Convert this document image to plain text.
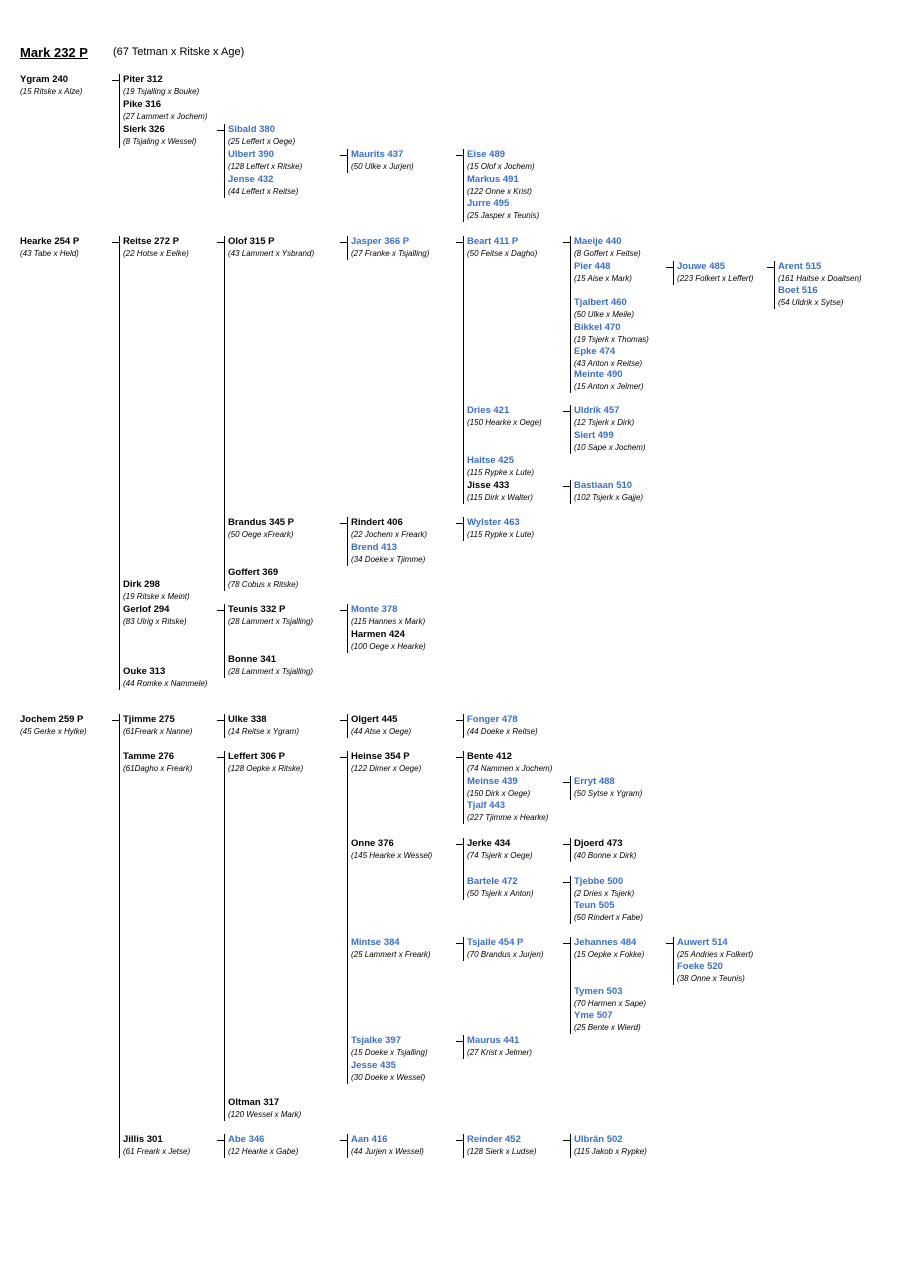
Mark 232 P (67 Tetman x Ritske x Age)
Ygram 240
(15 Ritske x Alze)
Piter 312
(19 Tsjalling x Bouke)
Pike 316
(27 Lammert x Jochem)
Sierk 326
(8 Tsjaling x Wessel)
Sibald 380
(25 Leffert x Oege)
Ulbert 390
(128 Leffert x Ritske)
Jense 432
(44 Leffert x Reitse)
Maurits 437
(50 Ulke x Jurjen)
Eise 489
(15 Olof x Jochem)
Markus 491
(122 Onne x Krist)
Jurre 495
(25 Jasper x Teunis)
Hearke 254 P
(43 Tabe x Held)
Reitse 272 P
(22 Hotse x Eelke)
Olof 315 P
(43 Lammert x Ysbrand)
Jasper 366 P
(27 Franke x Tsjalling)
Beart 411 P
(50 Feitse x Dagho)
Maeije 440
(8 Goffert x Feitse)
Pier 448
(15 Aise x Mark)
Jouwe 485
(223 Folkert x Leffert)
Arent 515
(161 Haitse x Doaitsen)
Boet 516
(54 Uldrik x Sytse)
Tjalbert 460
(50 Ulke x Meile)
Bikkel 470
(19 Tsjerk x Thomas)
Epke 474
(43 Anton x Reitse)
Meinte 490
(15 Anton x Jelmer)
Dries 421
(150 Hearke x Oege)
Uldrik 457
(12 Tsjerk x Dirk)
Siert 499
(10 Sape x Jochem)
Haitse 425
(115 Rypke x Lute)
Jisse 433
(115 Dirk x Walter)
Bastiaan 510
(102 Tsjerk x Gajje)
Brandus 345 P
(50 Oege xFreark)
Rindert 406
(22 Jochem x Freark)
Wylster 463
(115 Rypke x Lute)
Brend 413
(34 Doeke x Tjimme)
Goffert 369
(78 Cobus x Ritske)
Dirk 298
(19 Ritske x Meint)
Gerlof 294
(83 Ulrig x Ritske)
Teunis 332 P
(28 Lammert x Tsjalling)
Monte 378
(115 Hannes x Mark)
Harmen 424
(100 Oege x Hearke)
Bonne 341
(28 Lammert x Tsjalling)
Ouke 313
(44 Romke x Nammele)
Jochem 259 P
(45 Gerke x Hylke)
Tjimme 275
(61Freark x Nanne)
Ulke 338
(14 Reitse x Ygram)
Olgert 445
(44 Atse x Oege)
Fonger 478
(44 Doeke x Reitse)
Tamme 276
(61Dagho x Freark)
Leffert 306 P
(128 Oepke x Ritske)
Heinse 354 P
(122 Dimer x Oege)
Bente 412
(74 Nammen x Jochem)
Meinse 439
(150 Dirk x Oege)
Erryt 488
(50 Sytse x Ygram)
Tjalf 443
(227 Tjimme x Hearke)
Onne 376
(145 Hearke x Wessel)
Jerke 434
(74 Tsjerk x Oege)
Djoerd 473
(40 Bonne x Dirk)
Bartele 472
(50 Tsjerk x Anton)
Tjebbe 500
(2 Dries x Tsjerk)
Teun 505
(50 Rindert x Fabe)
Mintse 384
(25 Lammert x Freark)
Tsjalle 454 P
(70 Brandus x Jurjen)
Jehannes 484
(15 Oepke x Fokke)
Auwert 514
(25 Andries x Folkert)
Foeke 520
(38 Onne x Teunis)
Tymen 503
(70 Harmen x Sape)
Yme 507
(25 Bente x Wierd)
Tsjalke 397
(15 Doeke x Tsjalling)
Maurus 441
(27 Krist x Jelmer)
Jesse 435
(30 Doeke x Wessel)
Oltman 317
(120 Wessel x Mark)
Jillis 301
(61 Freark x Jetse)
Abe 346
(12 Hearke x Gabe)
Aan 416
(44 Jurjen x Wessel)
Reinder 452
(128 Sierk x Ludse)
Ulbrân 502
(115 Jakob x Rypke)
